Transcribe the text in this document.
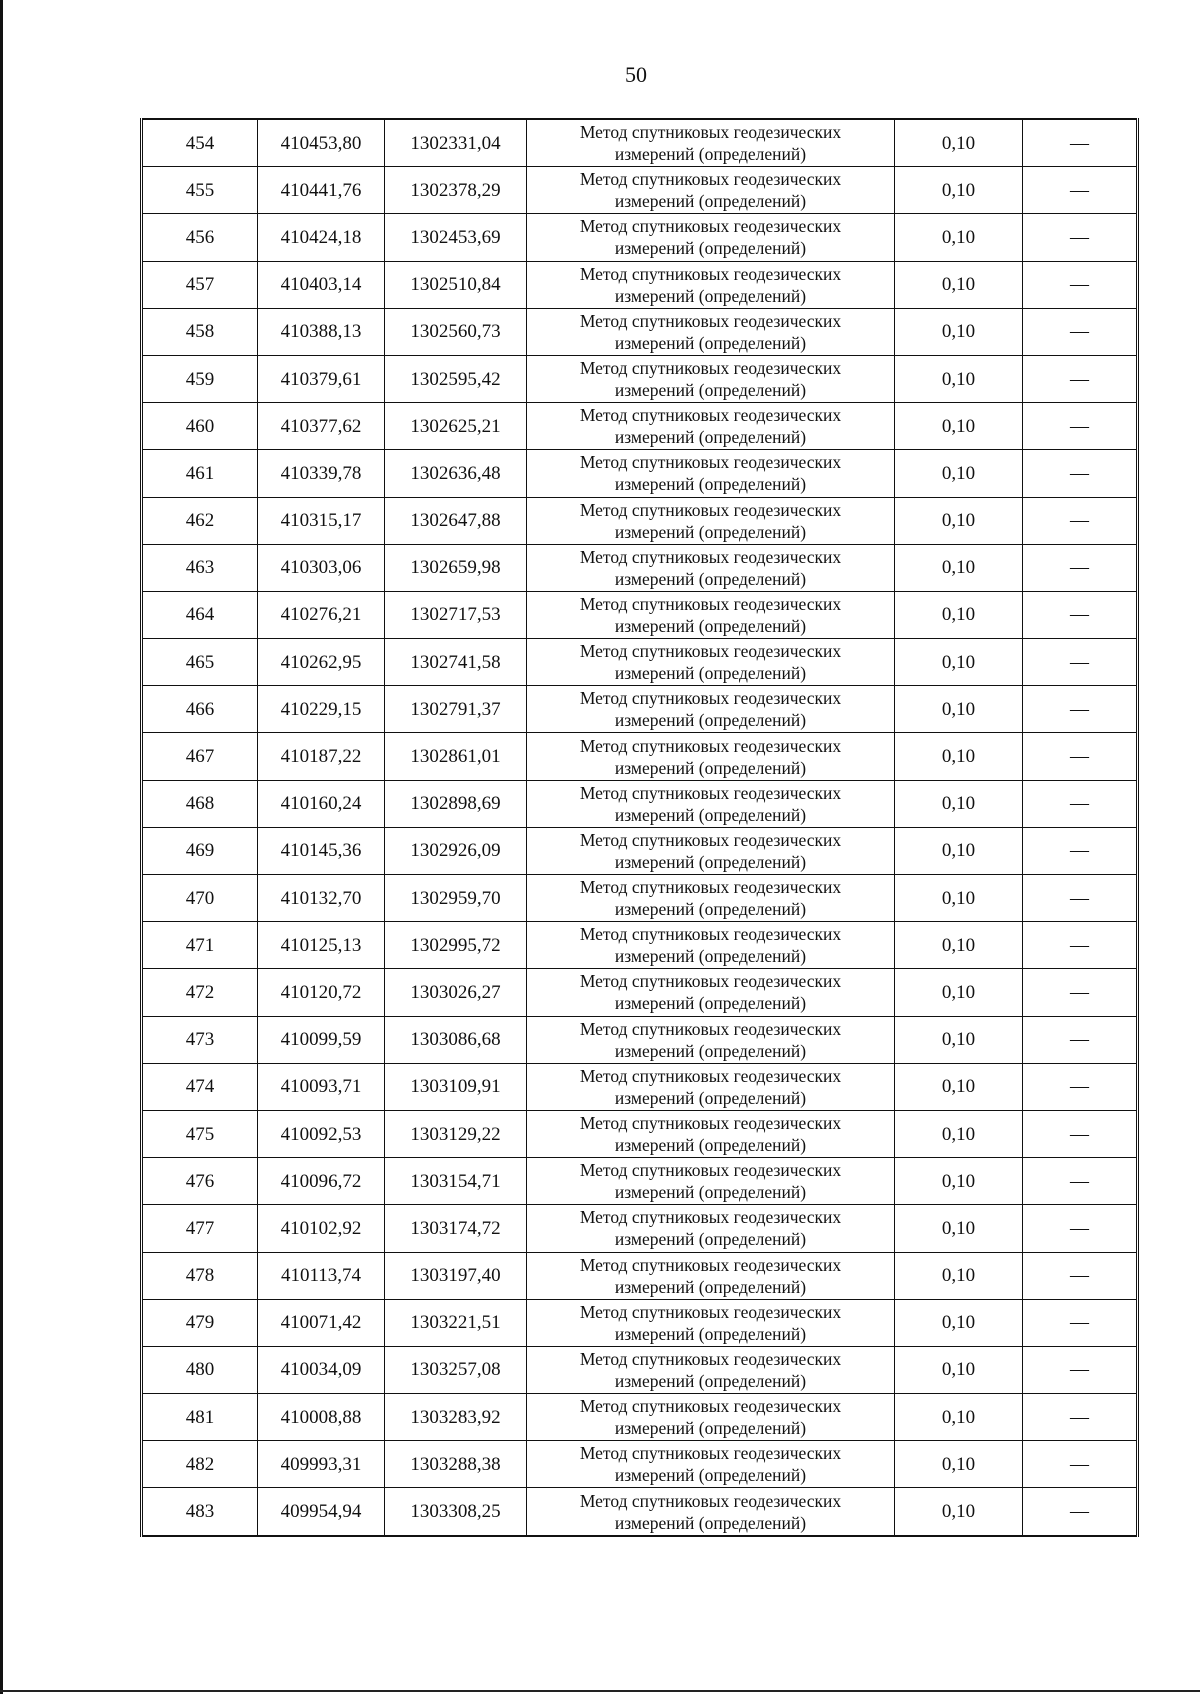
50
454	410453,80	1302331,04	Метод спутниковых геодезических
измерений (определений)	0,10	—
455	410441,76	1302378,29	Метод спутниковых геодезических
измерений (определений)	0,10	—
456	410424,18	1302453,69	Метод спутниковых геодезических
измерений (определений)	0,10	—
457	410403,14	1302510,84	Метод спутниковых геодезических
измерений (определений)	0,10	—
458	410388,13	1302560,73	Метод спутниковых геодезических
измерений (определений)	0,10	—
459	410379,61	1302595,42	Метод спутниковых геодезических
измерений (определений)	0,10	—
460	410377,62	1302625,21	Метод спутниковых геодезических
измерений (определений)	0,10	—
461	410339,78	1302636,48	Метод спутниковых геодезических
измерений (определений)	0,10	—
462	410315,17	1302647,88	Метод спутниковых геодезических
измерений (определений)	0,10	—
463	410303,06	1302659,98	Метод спутниковых геодезических
измерений (определений)	0,10	—
464	410276,21	1302717,53	Метод спутниковых геодезических
измерений (определений)	0,10	—
465	410262,95	1302741,58	Метод спутниковых геодезических
измерений (определений)	0,10	—
466	410229,15	1302791,37	Метод спутниковых геодезических
измерений (определений)	0,10	—
467	410187,22	1302861,01	Метод спутниковых геодезических
измерений (определений)	0,10	—
468	410160,24	1302898,69	Метод спутниковых геодезических
измерений (определений)	0,10	—
469	410145,36	1302926,09	Метод спутниковых геодезических
измерений (определений)	0,10	—
470	410132,70	1302959,70	Метод спутниковых геодезических
измерений (определений)	0,10	—
471	410125,13	1302995,72	Метод спутниковых геодезических
измерений (определений)	0,10	—
472	410120,72	1303026,27	Метод спутниковых геодезических
измерений (определений)	0,10	—
473	410099,59	1303086,68	Метод спутниковых геодезических
измерений (определений)	0,10	—
474	410093,71	1303109,91	Метод спутниковых геодезических
измерений (определений)	0,10	—
475	410092,53	1303129,22	Метод спутниковых геодезических
измерений (определений)	0,10	—
476	410096,72	1303154,71	Метод спутниковых геодезических
измерений (определений)	0,10	—
477	410102,92	1303174,72	Метод спутниковых геодезических
измерений (определений)	0,10	—
478	410113,74	1303197,40	Метод спутниковых геодезических
измерений (определений)	0,10	—
479	410071,42	1303221,51	Метод спутниковых геодезических
измерений (определений)	0,10	—
480	410034,09	1303257,08	Метод спутниковых геодезических
измерений (определений)	0,10	—
481	410008,88	1303283,92	Метод спутниковых геодезических
измерений (определений)	0,10	—
482	409993,31	1303288,38	Метод спутниковых геодезических
измерений (определений)	0,10	—
483	409954,94	1303308,25	Метод спутниковых геодезических
измерений (определений)	0,10	—
